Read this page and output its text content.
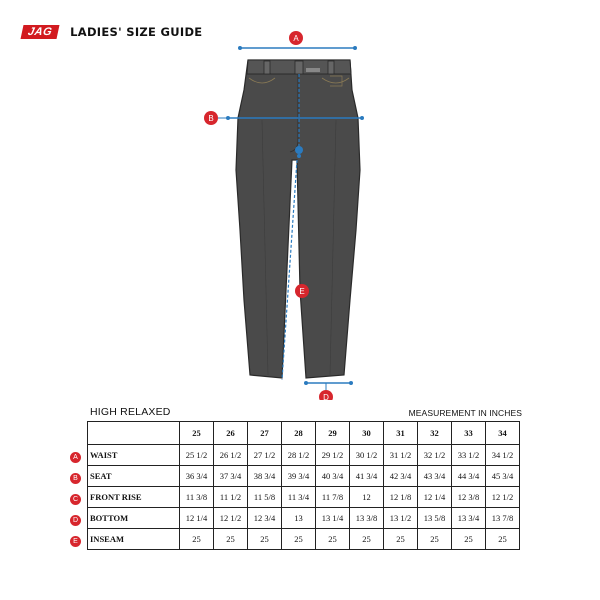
JAG	LADIES' SIZE GUIDE	A
B
C
E
D
HIGH RELAXED	MEASUREMENT IN INCHES
	25	26	27	28	29	30	31	32	33	34
WAIST	25 1/2	26 1/2	27 1/2	28 1/2	29 1/2	30 1/2	31 1/2	32 1/2	33 1/2	34 1/2
SEAT	36 3/4	37 3/4	38 3/4	39 3/4	40 3/4	41 3/4	42 3/4	43 3/4	44 3/4	45 3/4
FRONT RISE	11 3/8	11 1/2	11 5/8	11 3/4	11 7/8	12	12 1/8	12 1/4	12 3/8	12 1/2
BOTTOM	12 1/4	12 1/2	12 3/4	13	13 1/4	13 3/8	13 1/2	13 5/8	13 3/4	13 7/8
INSEAM	25	25	25	25	25	25	25	25	25	25
A
B
C
D
E
